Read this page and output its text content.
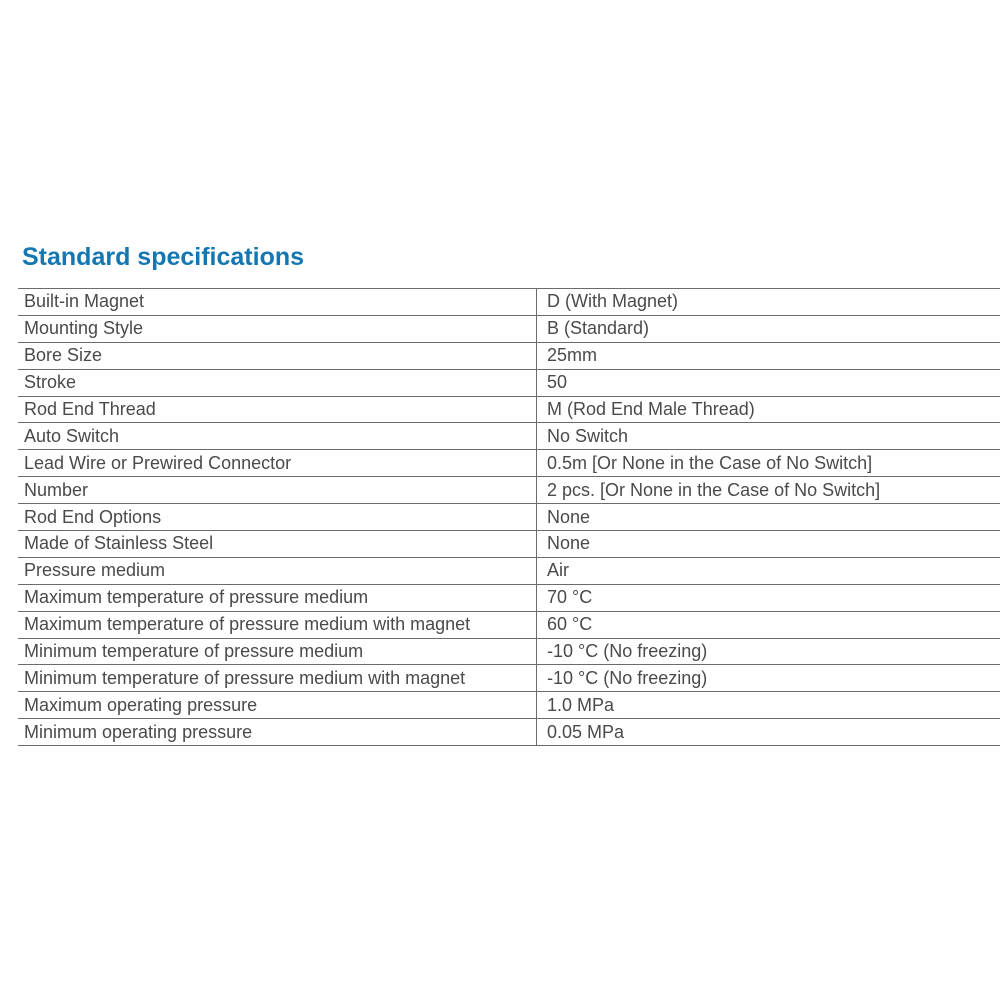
Standard specifications
Built-in Magnet	D (With Magnet)
Mounting Style	B (Standard)
Bore Size	25mm
Stroke	50
Rod End Thread	M (Rod End Male Thread)
Auto Switch	No Switch
Lead Wire or Prewired Connector	0.5m [Or None in the Case of No Switch]
Number	2 pcs. [Or None in the Case of No Switch]
Rod End Options	None
Made of Stainless Steel	None
Pressure medium	Air
Maximum temperature of pressure medium	70 °C
Maximum temperature of pressure medium with magnet	60 °C
Minimum temperature of pressure medium	-10 °C (No freezing)
Minimum temperature of pressure medium with magnet	-10 °C (No freezing)
Maximum operating pressure	1.0 MPa
Minimum operating pressure	0.05 MPa
